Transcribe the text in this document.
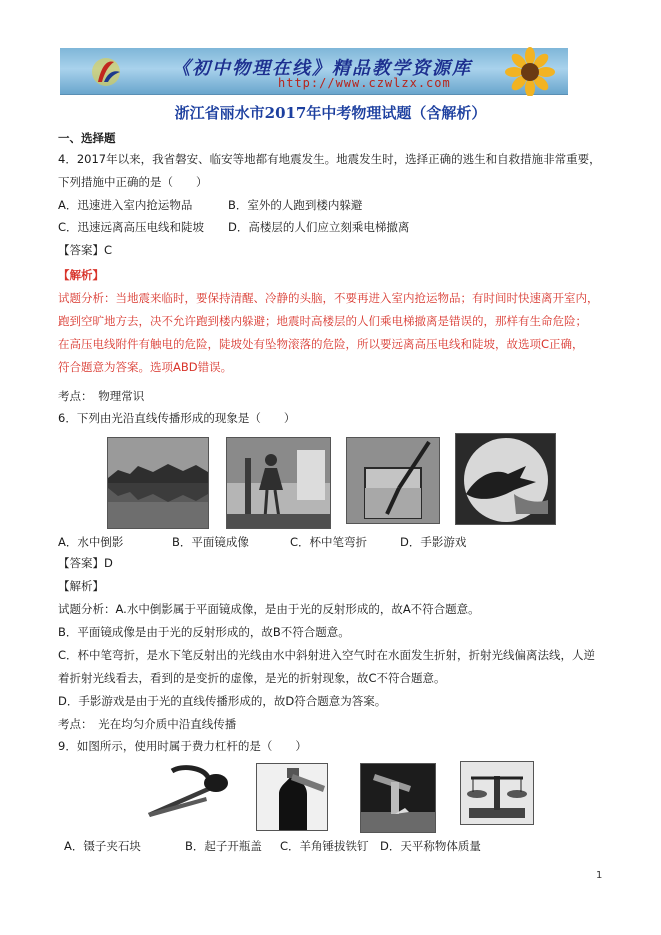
《初中物理在线》精品教学资源库
http://www.czwlzx.com
浙江省丽水市2017年中考物理试题（含解析）
一、选择题
4．2017年以来，我省磐安、临安等地都有地震发生。地震发生时，选择正确的逃生和自救措施非常重要，
下列措施中正确的是（　　）
A．迅速进入室内抢运物品	B．室外的人跑到楼内躲避
C．迅速远离高压电线和陡坡 D．高楼层的人们应立刻乘电梯撤离
【答案】C
【解析】
试题分析：当地震来临时，要保持清醒、冷静的头脑，不要再进入室内抢运物品；有时间时快速离开室内，
跑到空旷地方去，决不允许跑到楼内躲避；地震时高楼层的人们乘电梯撤离是错误的，那样有生命危险；
在高压电线附件有触电的危险，陡坡处有坠物滚落的危险，所以要远离高压电线和陡坡，故选项C正确，
符合题意为答案。选项ABD错误。
考点：　物理常识
6．下列由光沿直线传播形成的现象是（　　）
A．水中倒影	B．平面镜成像	C．杯中笔弯折	D．手影游戏
【答案】D
【解析】
试题分析：A.水中倒影属于平面镜成像，是由于光的反射形成的，故A不符合题意。
B．平面镜成像是由于光的反射形成的，故B不符合题意。
C．杯中笔弯折，是水下笔反射出的光线由水中斜射进入空气时在水面发生折射，折射光线偏离法线，人逆
着折射光线看去，看到的是变折的虚像，是光的折射现象，故C不符合题意。
D．手影游戏是由于光的直线传播形成的，故D符合题意为答案。
考点：　光在均匀介质中沿直线传播
9．如图所示，使用时属于费力杠杆的是（　　）
A．镊子夹石块	B．起子开瓶盖 C．羊角锤拔铁钉 D．天平称物体质量
1
